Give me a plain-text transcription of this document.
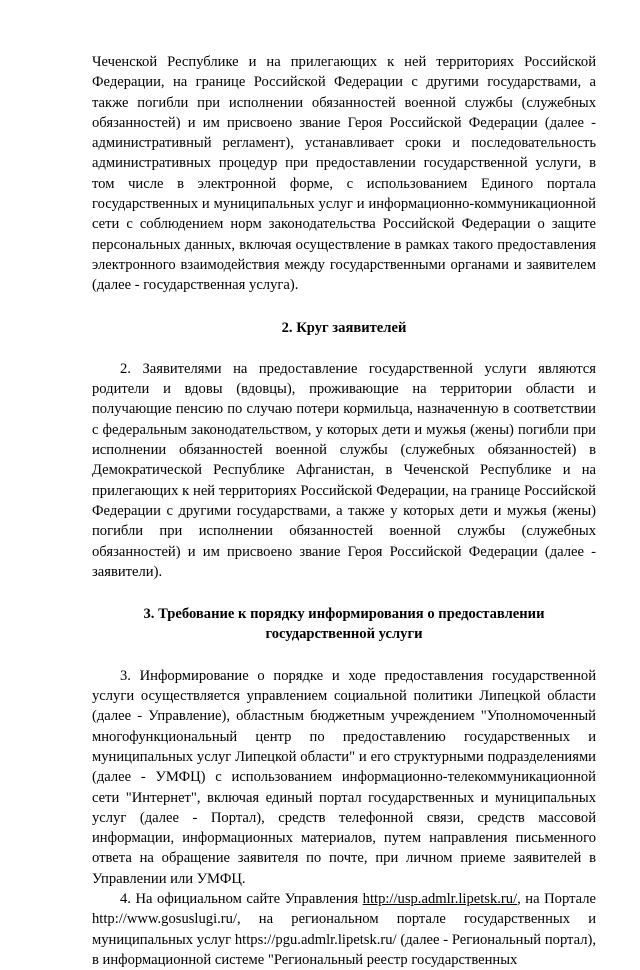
Чеченской Республике и на прилегающих к ней территориях Российской Федерации, на границе Российской Федерации с другими государствами, а также погибли при исполнении обязанностей военной службы (служебных обязанностей) и им присвоено звание Героя Российской Федерации (далее - административный регламент), устанавливает сроки и последовательность административных процедур при предоставлении государственной услуги, в том числе в электронной форме, с использованием Единого портала государственных и муниципальных услуг и информационно-коммуникационной сети с соблюдением норм законодательства Российской Федерации о защите персональных данных, включая осуществление в рамках такого предоставления электронного взаимодействия между государственными органами и заявителем (далее - государственная услуга).

2. Круг заявителей

2. Заявителями на предоставление государственной услуги являются родители и вдовы (вдовцы), проживающие на территории области и получающие пенсию по случаю потери кормильца, назначенную в соответствии с федеральным законодательством, у которых дети и мужья (жены) погибли при исполнении обязанностей военной службы (служебных обязанностей) в Демократической Республике Афганистан, в Чеченской Республике и на прилегающих к ней территориях Российской Федерации, на границе Российской Федерации с другими государствами, а также у которых дети и мужья (жены) погибли при исполнении обязанностей военной службы (служебных обязанностей) и им присвоено звание Героя Российской Федерации (далее - заявители).

3. Требование к порядку информирования о предоставлении
государственной услуги

3. Информирование о порядке и ходе предоставления государственной услуги осуществляется управлением социальной политики Липецкой области (далее - Управление), областным бюджетным учреждением "Уполномоченный многофункциональный центр по предоставлению государственных и муниципальных услуг Липецкой области" и его структурными подразделениями (далее - УМФЦ) с использованием информационно-телекоммуникационной сети "Интернет", включая единый портал государственных и муниципальных услуг (далее - Портал), средств телефонной связи, средств массовой информации, информационных материалов, путем направления письменного ответа на обращение заявителя по почте, при личном приеме заявителей в Управлении или УМФЦ.

4. На официальном сайте Управления http://usp.admlr.lipetsk.ru/, на Портале http://www.gosuslugi.ru/, на региональном портале государственных и муниципальных услуг https://pgu.admlr.lipetsk.ru/ (далее - Региональный портал), в информационной системе "Региональный реестр государственных
